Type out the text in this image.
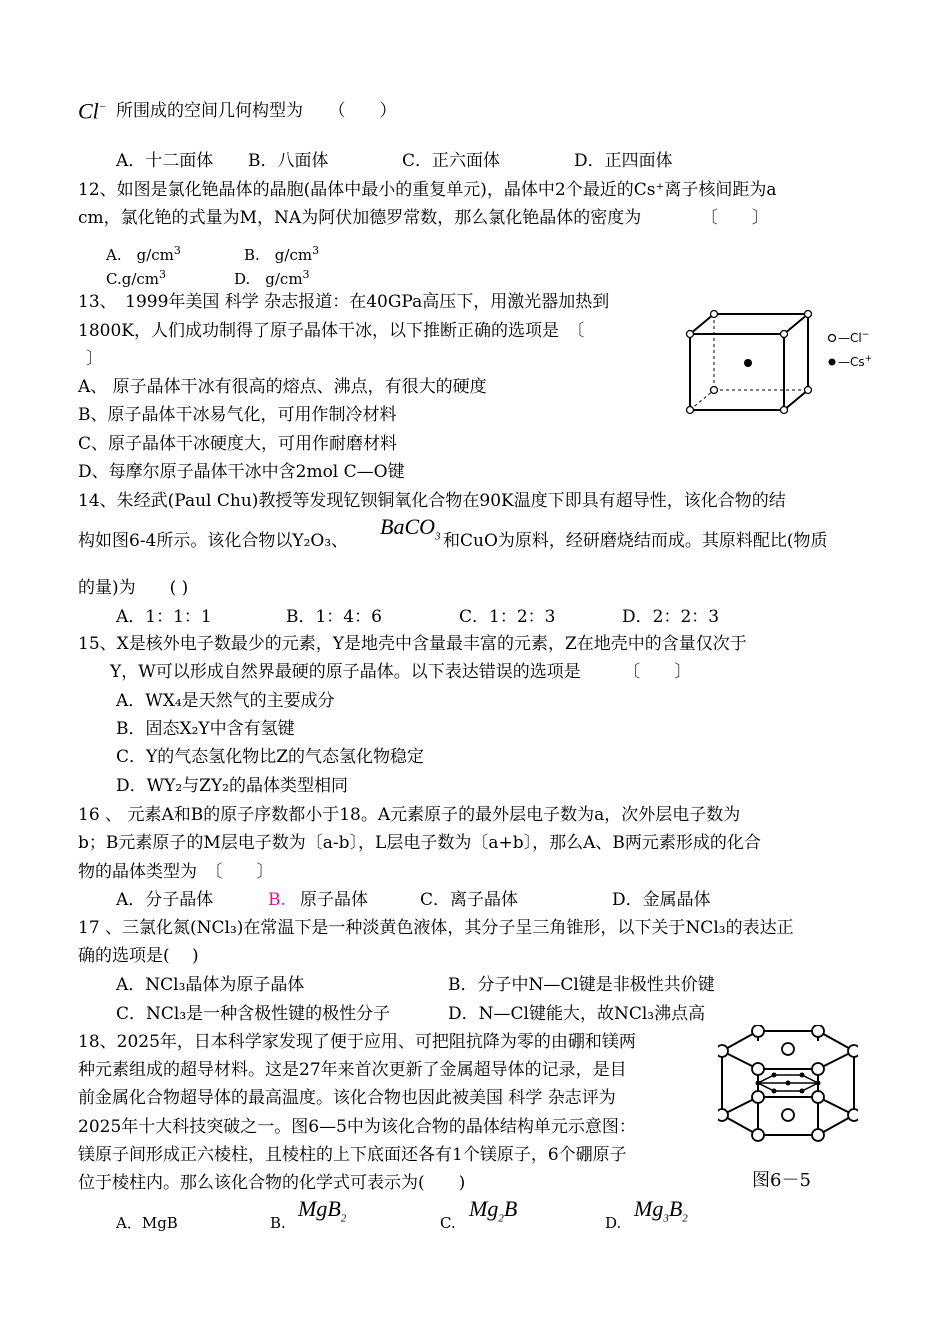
Cl− 所围成的空间几何构型为　　（　　）
A．十二面体 B．八面体	C．正六面体	D．正四面体
12、如图是氯化铯晶体的晶胞(晶体中最小的重复单元)，晶体中2个最近的Cs⁺离子核间距为a
cm，氯化铯的式量为M，NA为阿伏加德罗常数，那么氯化铯晶体的密度为　　　　〔　　〕
A.　$g/cm^3$	B.　$g/cm^3$
$C.g/cm^3$	D.　$g/cm^3$
—Cl−
—Cs+
13、　1999年美国 科学 杂志报道：在40GPa高压下，用激光器加热到
1800K，人们成功制得了原子晶体干冰，以下推断正确的选项是　〔
〕
A、 原子晶体干冰有很高的熔点、沸点，有很大的硬度
B、原子晶体干冰易气化，可用作制冷材料
C、原子晶体干冰硬度大，可用作耐磨材料
D、每摩尔原子晶体干冰中含2mol C—O键
14、朱经武(Paul Chu)教授等发现钇钡铜氧化合物在90K温度下即具有超导性，该化合物的结
构如图6-4所示。该化合物以Y₂O₃、
BaCO$_3$ 和CuO为原料，经研磨烧结而成。其原料配比(物质
的量)为　　( )
A．1：1：1	B．1：4：6	C．1：2：3	D．2：2：3
15、X是核外电子数最少的元素，Y是地壳中含量最丰富的元素，Z在地壳中的含量仅次于
Y，W可以形成自然界最硬的原子晶体。以下表达错误的选项是　　　〔　　〕
A．WX₄是天然气的主要成分
B．固态X₂Y中含有氢键
C．Y的气态氢化物比Z的气态氢化物稳定
D．WY₂与ZY₂的晶体类型相同
16 、 元素A和B的原子序数都小于18。A元素原子的最外层电子数为a，次外层电子数为
b；B元素原子的M层电子数为〔a-b〕，L层电子数为〔a+b〕，那么A、B两元素形成的化合
物的晶体类型为　〔　　〕
A．分子晶体	B. 原子晶体	C．离子晶体	D．金属晶体
17 、三氯化氮(NCl₃)在常温下是一种淡黄色液体，其分子呈三角锥形，以下关于NCl₃的表达正
确的选项是(　 )
A．NCl₃晶体为原子晶体	B．分子中N—Cl键是非极性共价键
C．NCl₃是一种含极性键的极性分子	D．N—Cl键能大，故NCl₃沸点高
18、2025年，日本科学家发现了便于应用、可把阻抗降为零的由硼和镁两
种元素组成的超导材料。这是27年来首次更新了金属超导体的记录，是目
前金属化合物超导体的最高温度。该化合物也因此被美国 科学 杂志评为
2025年十大科技突破之一。图6—5中为该化合物的晶体结构单元示意图：
镁原子间形成正六棱柱，且棱柱的上下底面还各有1个镁原子，6个硼原子
位于棱柱内。那么该化合物的化学式可表示为(　　)	图6－5
A．MgB	B.
MgB$_2$	C.
$Mg_2B$
D.
$Mg_3B_2$
